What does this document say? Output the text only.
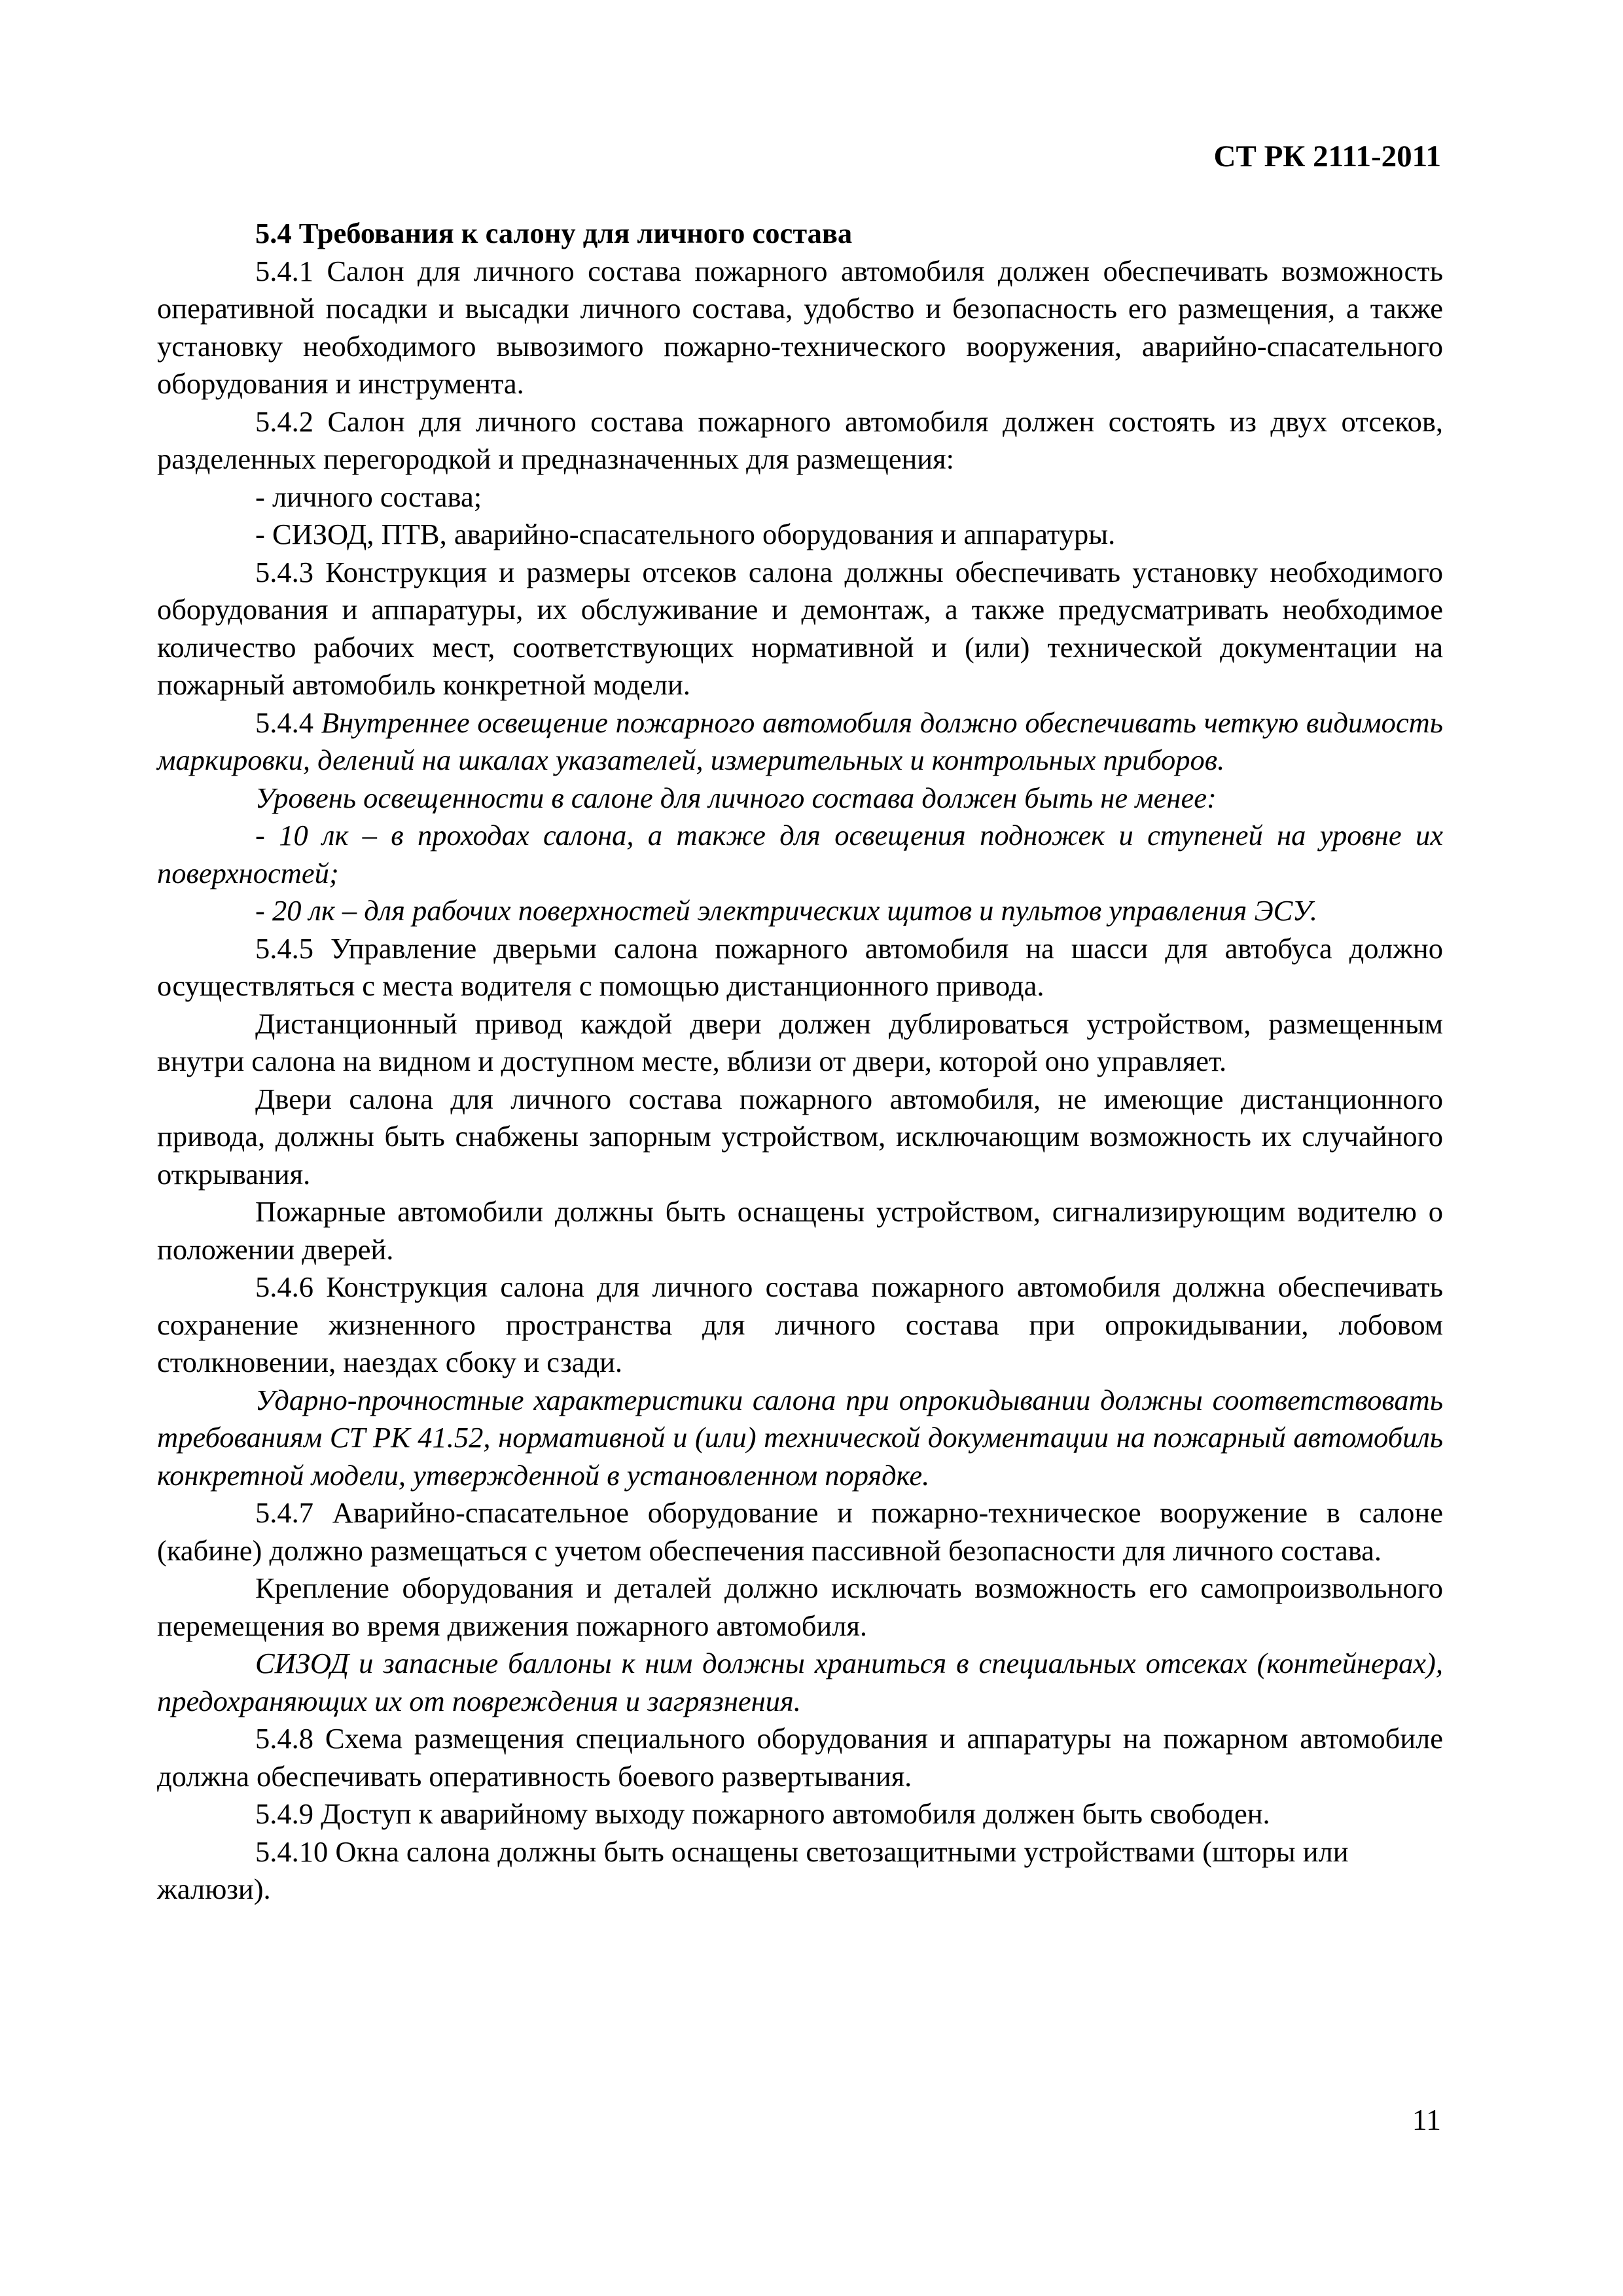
СТ РК 2111-2011

5.4 Требования к салону для личного состава

5.4.1 Салон для личного состава пожарного автомобиля должен обеспечивать возможность оперативной посадки и высадки личного состава, удобство и безопасность его размещения, а также установку необходимого вывозимого пожарно-технического вооружения, аварийно-спасательного оборудования и инструмента.

5.4.2 Салон для личного состава пожарного автомобиля должен состоять из двух отсеков, разделенных перегородкой и предназначенных для размещения:

- личного состава;

- СИЗОД, ПТВ, аварийно-спасательного оборудования и аппаратуры.

5.4.3 Конструкция и размеры отсеков салона должны обеспечивать установку необходимого оборудования и аппаратуры, их обслуживание и демонтаж, а также предусматривать необходимое количество рабочих мест, соответствующих нормативной и (или) технической документации на пожарный автомобиль конкретной модели.

5.4.4 Внутреннее освещение пожарного автомобиля должно обеспечивать четкую видимость маркировки, делений на шкалах указателей, измерительных и контрольных приборов.

Уровень освещенности в салоне для личного состава должен быть не менее:

- 10 лк – в проходах салона, а также для освещения подножек и ступеней на уровне их поверхностей;

- 20 лк – для рабочих поверхностей электрических щитов и пультов управления ЭСУ.

5.4.5 Управление дверьми салона пожарного автомобиля на шасси для автобуса должно осуществляться с места водителя с помощью дистанционного привода.

Дистанционный привод каждой двери должен дублироваться устройством, размещенным внутри салона на видном и доступном месте, вблизи от двери, которой оно управляет.

Двери салона для личного состава пожарного автомобиля, не имеющие дистанционного привода, должны быть снабжены запорным устройством, исключающим возможность их случайного открывания.

Пожарные автомобили должны быть оснащены устройством, сигнализирующим водителю о положении дверей.

5.4.6 Конструкция салона для личного состава пожарного автомобиля должна обеспечивать сохранение жизненного пространства для личного состава при опрокидывании, лобовом столкновении, наездах сбоку и сзади.

Ударно-прочностные характеристики салона при опрокидывании должны соответствовать требованиям СТ РК 41.52, нормативной и (или) технической документации на пожарный автомобиль конкретной модели, утвержденной в установленном порядке.

5.4.7 Аварийно-спасательное оборудование и пожарно-техническое вооружение в салоне (кабине) должно размещаться с учетом обеспечения пассивной безопасности для личного состава.

Крепление оборудования и деталей должно исключать возможность его самопроизвольного перемещения во время движения пожарного автомобиля.

СИЗОД и запасные баллоны к ним должны храниться в специальных отсеках (контейнерах), предохраняющих их от повреждения и загрязнения.

5.4.8 Схема размещения специального оборудования и аппаратуры на пожарном автомобиле должна обеспечивать оперативность боевого развертывания.

5.4.9 Доступ к аварийному выходу пожарного автомобиля должен быть свободен.

5.4.10 Окна салона должны быть оснащены светозащитными устройствами (шторы или жалюзи).

11
